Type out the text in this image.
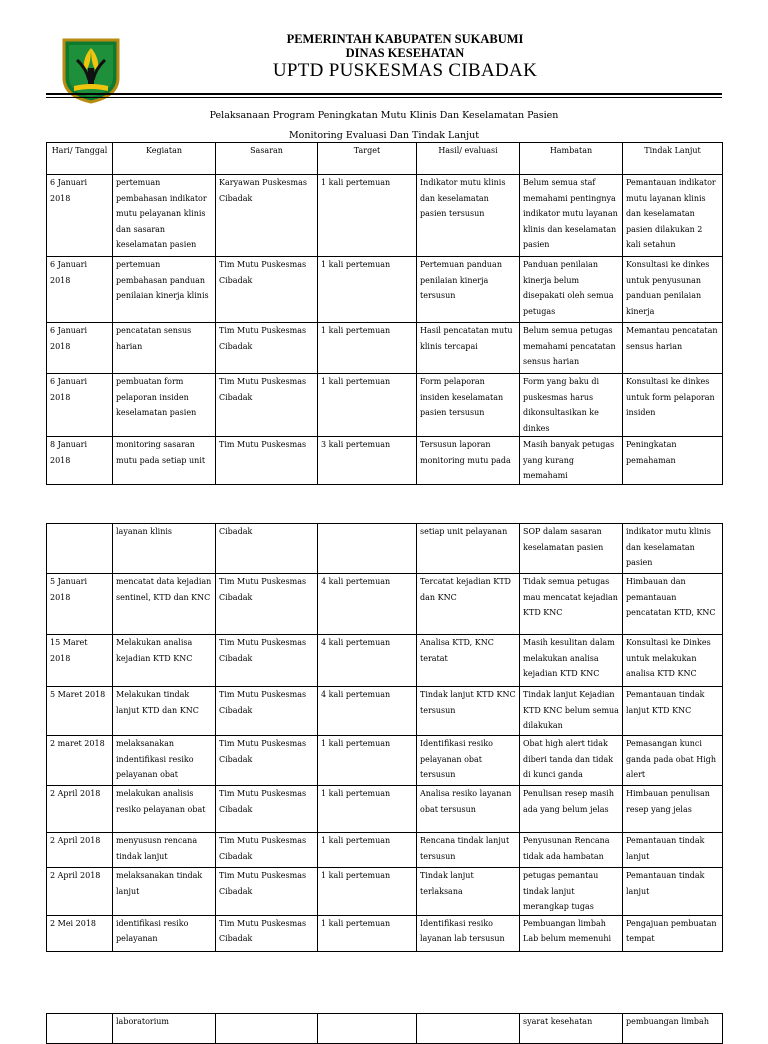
PEMERINTAH KABUPATEN SUKABUMI
DINAS KESEHATAN
UPTD PUSKESMAS CIBADAK
Pelaksanaan Program Peningkatan Mutu Klinis Dan Keselamatan Pasien
Monitoring Evaluasi Dan Tindak Lanjut
Hari/ Tanggal	Kegiatan	Sasaran	Target	Hasil/ evaluasi	Hambatan	Tindak Lanjut
6 Januari 2018	pertemuan pembahasan indikator mutu pelayanan klinis dan sasaran keselamatan pasien	Karyawan Puskesmas Cibadak	1 kali pertemuan	Indikator mutu klinis dan keselamatan pasien tersusun	Belum semua staf memahami pentingnya indikator mutu layanan klinis dan keselamatan pasien	Pemantauan indikator mutu layanan klinis dan keselamatan pasien dilakukan 2 kali setahun
6 Januari 2018	pertemuan pembahasan panduan penilaian kinerja klinis	Tim Mutu Puskesmas Cibadak	1 kali pertemuan	Pertemuan panduan penilaian kinerja tersusun	Panduan penilaian kinerja belum disepakati oleh semua petugas	Konsultasi ke dinkes untuk penyusunan panduan penilaian kinerja
6 Januari 2018	pencatatan sensus harian	Tim Mutu Puskesmas Cibadak	1 kali pertemuan	Hasil pencatatan mutu klinis tercapai	Belum semua petugas memahami pencatatan sensus harian	Memantau pencatatan sensus harian
6 Januari 2018	pembuatan form pelaporan insiden keselamatan pasien	Tim Mutu Puskesmas Cibadak	1 kali pertemuan	Form pelaporan insiden keselamatan pasien tersusun	Form yang baku di puskesmas harus dikonsultasikan ke dinkes	Konsultasi ke dinkes untuk form pelaporan insiden
8 Januari 2018	monitoring sasaran mutu pada setiap unit	Tim Mutu Puskesmas	3 kali pertemuan	Tersusun laporan monitoring mutu pada	Masih banyak petugas yang kurang memahami	Peningkatan pemahaman
	layanan klinis	Cibadak		setiap unit pelayanan	SOP dalam sasaran keselamatan pasien	indikator mutu klinis dan keselamatan pasien
5 Januari 2018	mencatat data kejadian sentinel, KTD dan KNC	Tim Mutu Puskesmas Cibadak	4 kali pertemuan	Tercatat kejadian KTD dan KNC	Tidak semua petugas mau mencatat kejadian KTD KNC	Himbauan dan pemantauan pencatatan KTD, KNC
15 Maret 2018	Melakukan analisa kejadian KTD KNC	Tim Mutu Puskesmas Cibadak	4 kali pertemuan	Analisa KTD, KNC teratat	Masih kesulitan dalam melakukan analisa kejadian KTD KNC	Konsultasi ke Dinkes untuk melakukan analisa KTD KNC
5 Maret 2018	Melakukan tindak lanjut KTD dan KNC	Tim Mutu Puskesmas Cibadak	4 kali pertemuan	Tindak lanjut KTD KNC tersusun	Tindak lanjut Kejadian KTD KNC belum semua dilakukan	Pemantauan tindak lanjut KTD KNC
2 maret 2018	melaksanakan indentifikasi resiko pelayanan obat	Tim Mutu Puskesmas Cibadak	1 kali pertemuan	Identifikasi resiko pelayanan obat tersusun	Obat high alert tidak diberi tanda dan tidak di kunci ganda	Pemasangan kunci ganda pada obat High alert
2 April 2018	melakukan analisis resiko pelayanan obat	Tim Mutu Puskesmas Cibadak	1 kali pertemuan	Analisa resiko layanan obat tersusun	Penulisan resep masih ada yang belum jelas	Himbauan penulisan resep yang jelas
2 April 2018	menyususn rencana tindak lanjut	Tim Mutu Puskesmas Cibadak	1 kali pertemuan	Rencana tindak lanjut tersusun	Penyusunan Rencana tidak ada hambatan	Pemantauan tindak lanjut
2 April 2018	melaksanakan tindak lanjut	Tim Mutu Puskesmas Cibadak	1 kali pertemuan	Tindak lanjut terlaksana	petugas pemantau tindak lanjut merangkap tugas	Pemantauan tindak lanjut
2 Mei 2018	identifikasi resiko pelayanan	Tim Mutu Puskesmas Cibadak	1 kali pertemuan	Identifikasi resiko layanan lab tersusun	Pembuangan limbah Lab belum memenuhi	Pengajuan pembuatan tempat
	laboratorium				syarat kesehatan	pembuangan limbah
